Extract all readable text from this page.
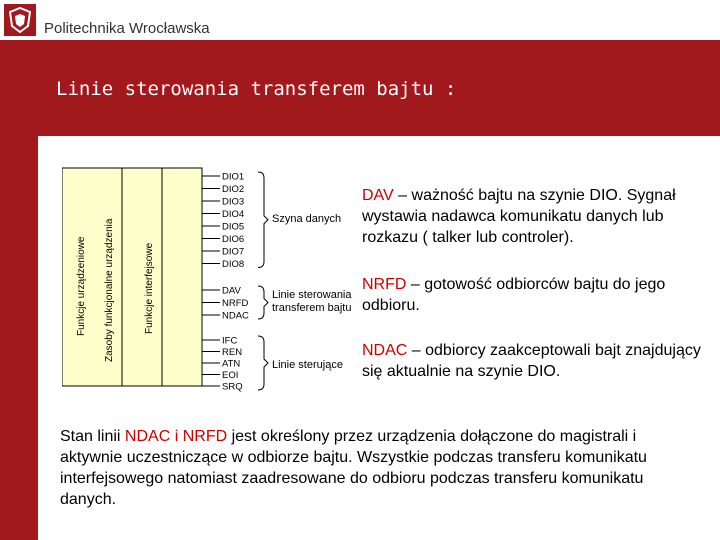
Politechnika Wrocławska
Linie sterowania transferem bajtu :
Funkcje urządzeniowe Zasoby funkcjonalne urządzenia	Funkcje interfejsowe
DIO1
DIO2
DIO3
DIO4
DIO5
DIO6
DIO7
DIO8
DAV
NRFD
NDAC
IFC
REN
ATN
EOI
SRQ
Szyna danych
Linie sterowania
transferem bajtu
Linie sterujące
DAV – ważność bajtu na szynie DIO. Sygnał wystawia nadawca komunikatu danych lub rozkazu ( talker lub controler).
NRFD – gotowość odbiorców bajtu do jego odbioru.
NDAC – odbiorcy zaakceptowali bajt znajdujący się aktualnie na szynie DIO.
Stan linii NDAC i NRFD jest określony przez urządzenia dołączone do magistrali i aktywnie uczestniczące w odbiorze bajtu. Wszystkie podczas transferu komunikatu interfejsowego natomiast zaadresowane do odbioru podczas transferu komunikatu danych.
